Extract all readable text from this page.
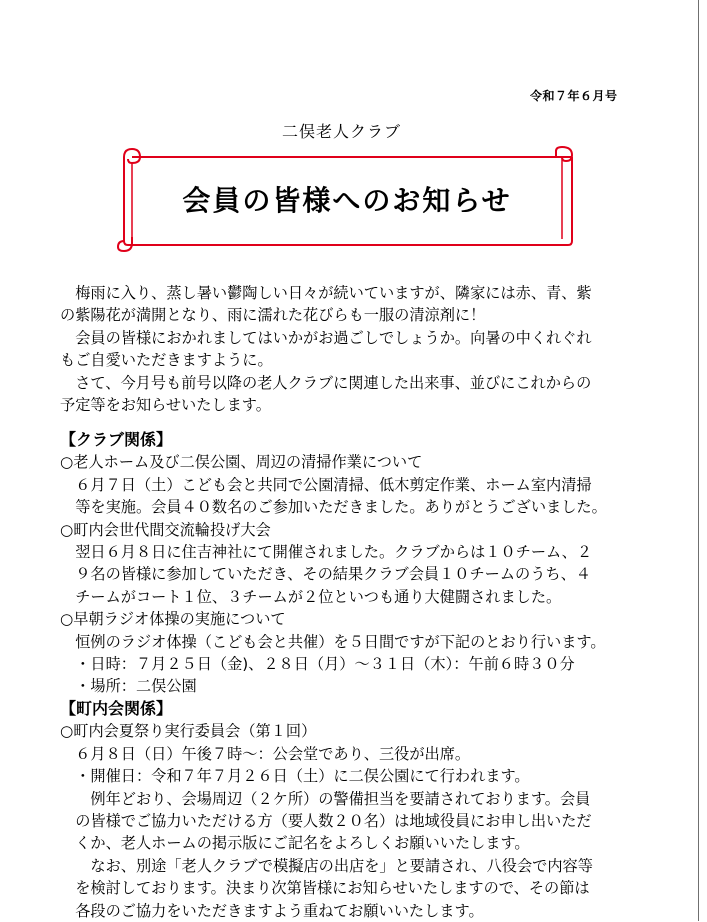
令和７年６月号
二俣老人クラブ
会員の皆様へのお知らせ

　梅雨に入り、蒸し暑い鬱陶しい日々が続いていますが、隣家には赤、青、紫

の紫陽花が満開となり、雨に濡れた花びらも一服の清涼剤に！

　会員の皆様におかれましてはいかがお過ごしでしょうか。向暑の中くれぐれ

もご自愛いただきますように。

　さて、今月号も前号以降の老人クラブに関連した出来事、並びにこれからの

予定等をお知らせいたします。

【クラブ関係】

○老人ホーム及び二俣公園、周辺の清掃作業について

　６月７日（土）こども会と共同で公園清掃、低木剪定作業、ホーム室内清掃

　等を実施。会員４０数名のご参加いただきました。ありがとうございました。

○町内会世代間交流輪投げ大会

　翌日６月８日に住吉神社にて開催されました。クラブからは１０チーム、２

　９名の皆様に参加していただき、その結果クラブ会員１０チームのうち、４

　チームがコート１位、３チームが２位といつも通り大健闘されました。

○早朝ラジオ体操の実施について

　恒例のラジオ体操（こども会と共催）を５日間ですが下記のとおり行います。

　・日時：７月２５日（金)、２８日（月）～３１日（木）：午前６時３０分

　・場所：二俣公園

【町内会関係】

○町内会夏祭り実行委員会（第１回）

　６月８日（日）午後７時～：公会堂であり、三役が出席。

　・開催日：令和７年７月２６日（土）に二俣公園にて行われます。

　　例年どおり、会場周辺（２ケ所）の警備担当を要請されております。会員

　の皆様でご協力いただける方（要人数２０名）は地域役員にお申し出いただ

　くか、老人ホームの掲示版にご記名をよろしくお願いいたします。

　　なお、別途「老人クラブで模擬店の出店を」と要請され、八役会で内容等

　を検討しております。決まり次第皆様にお知らせいたしますので、その節は

　各段のご協力をいただきますよう重ねてお願いいたします。
